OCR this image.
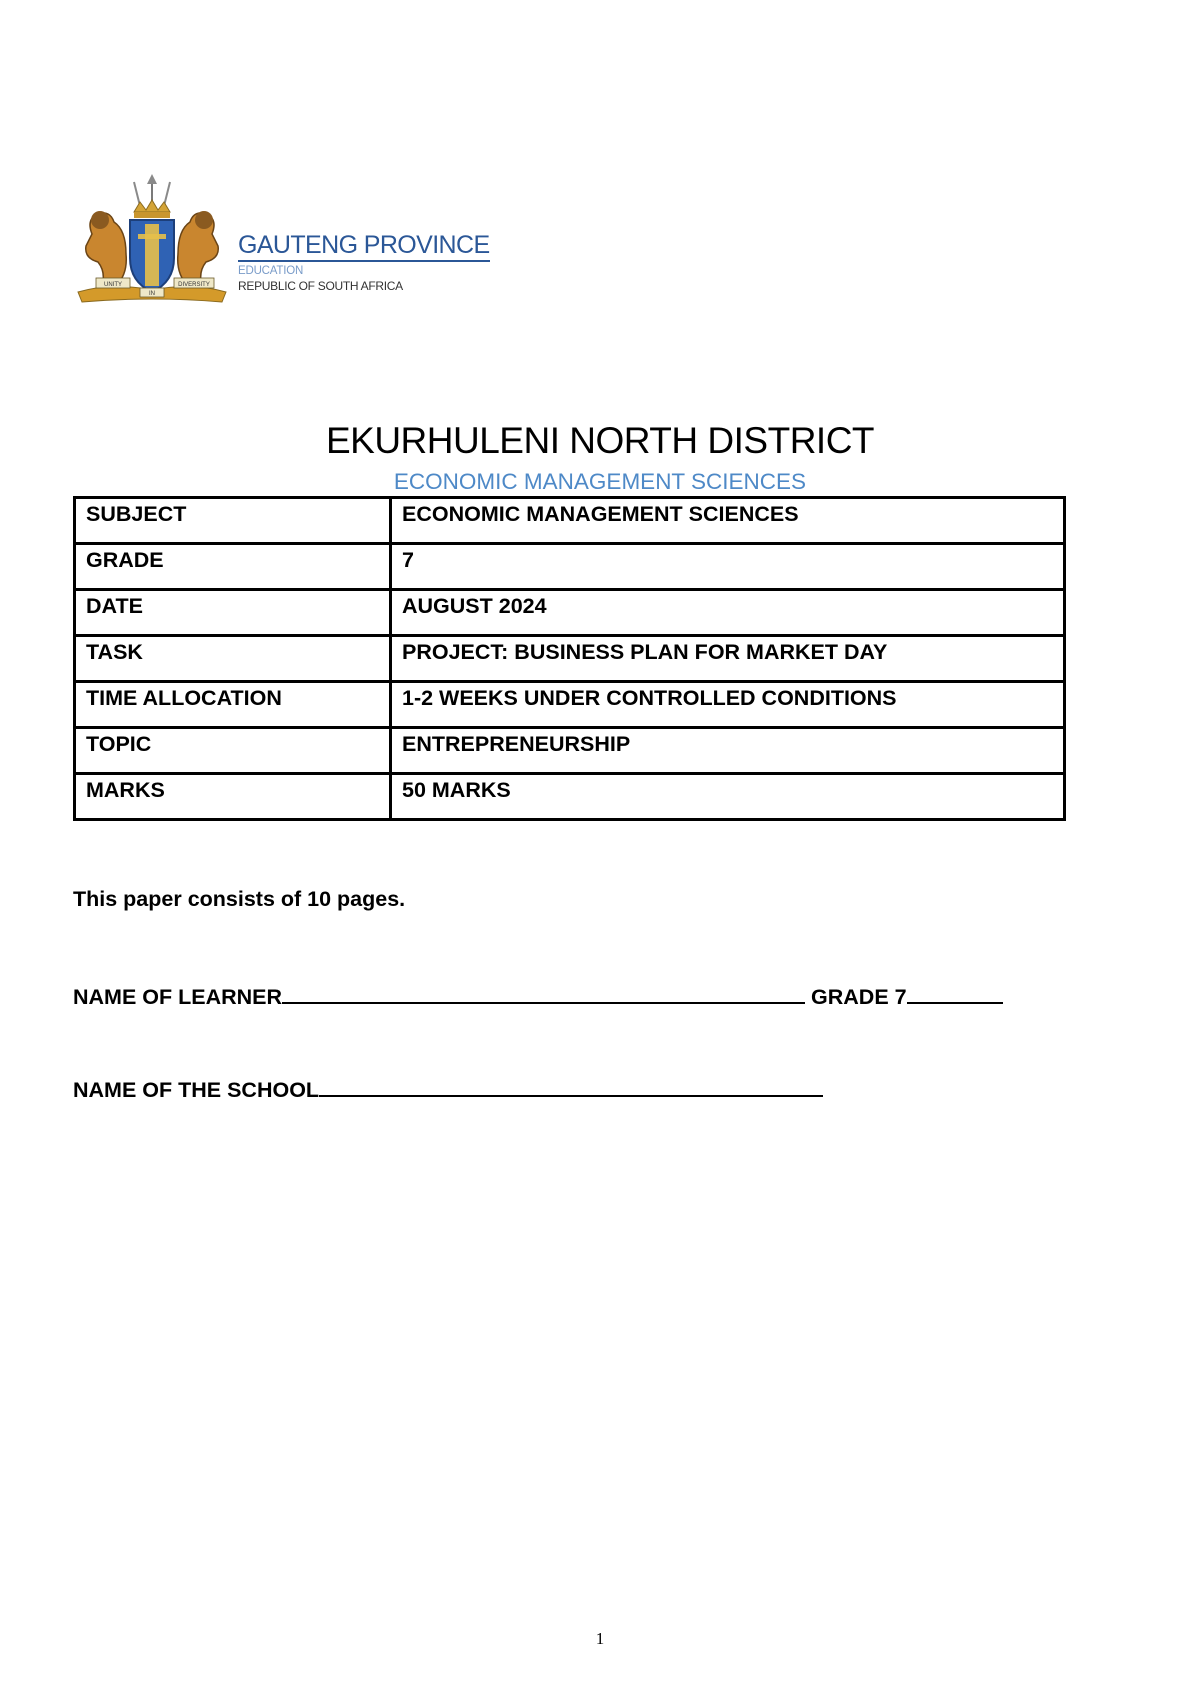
UNITY
IN
DIVERSITY
GAUTENG PROVINCE
EDUCATION
REPUBLIC OF SOUTH AFRICA
EKURHULENI NORTH DISTRICT
ECONOMIC MANAGEMENT SCIENCES
SUBJECT	ECONOMIC MANAGEMENT SCIENCES
GRADE	7
DATE	AUGUST 2024
TASK	PROJECT: BUSINESS PLAN FOR MARKET DAY
TIME ALLOCATION	1-2 WEEKS UNDER CONTROLLED CONDITIONS
TOPIC	ENTREPRENEURSHIP
MARKS	50 MARKS
This paper consists of 10 pages.
NAME OF LEARNER	GRADE 7
NAME OF THE SCHOOL
1
